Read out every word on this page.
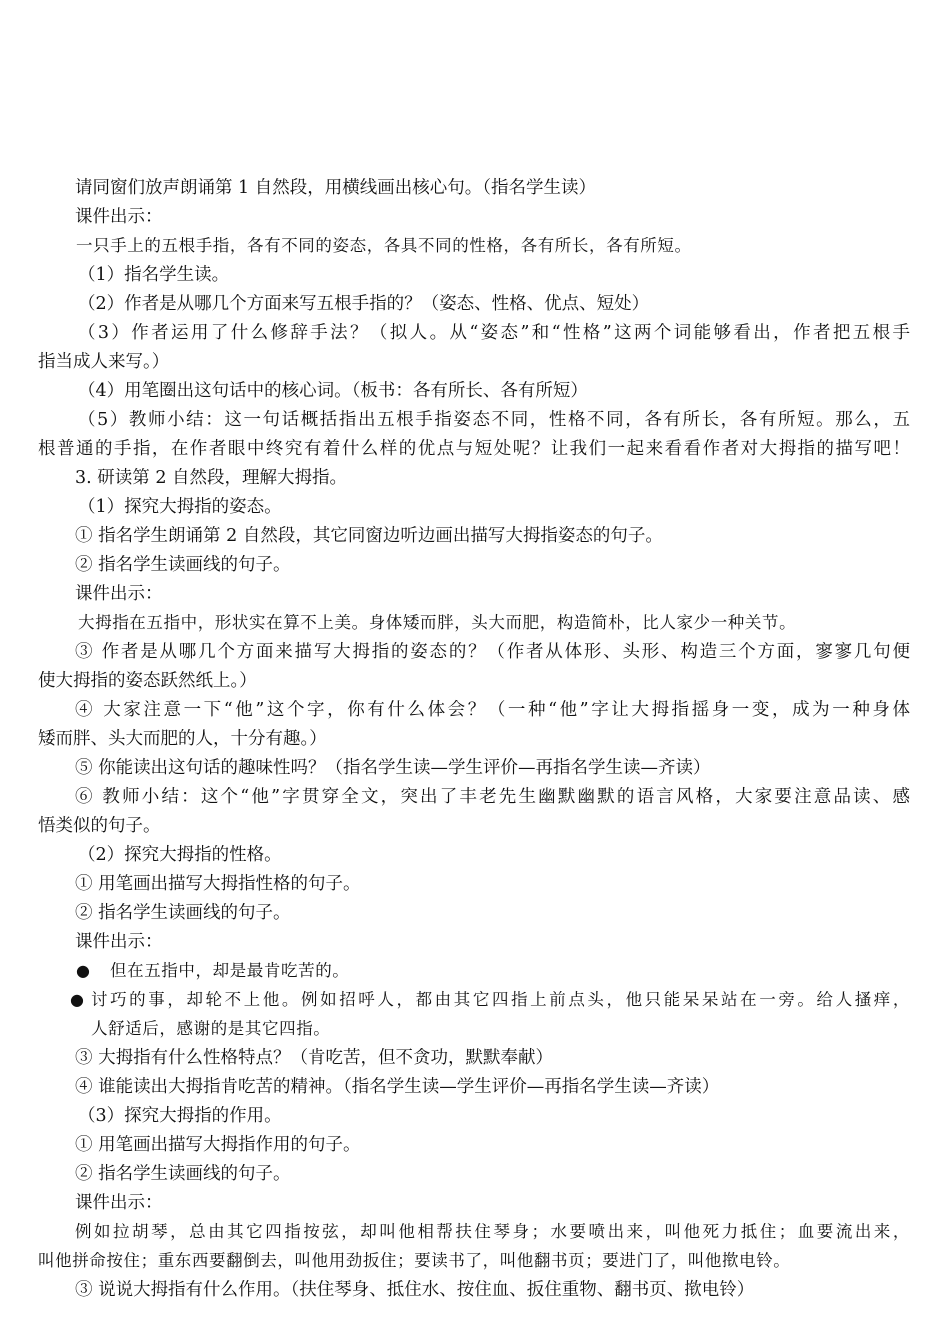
请同窗们放声朗诵第 1 自然段，用横线画出核心句。（指名学生读）
课件出示：
一只手上的五根手指，各有不同的姿态，各具不同的性格，各有所长，各有所短。
（1）指名学生读。
（2）作者是从哪几个方面来写五根手指的？（姿态、性格、优点、短处）
（3）作者运用了什么修辞手法？（拟人。从“姿态”和“性格”这两个词能够看出，作者把五根手
指当成人来写。）
（4）用笔圈出这句话中的核心词。（板书：各有所长、各有所短）
（5）教师小结：这一句话概括指出五根手指姿态不同，性格不同，各有所长，各有所短。那么，五
根普通的手指，在作者眼中终究有着什么样的优点与短处呢？让我们一起来看看作者对大拇指的描写吧！
3. 研读第 2 自然段，理解大拇指。
（1）探究大拇指的姿态。
① 指名学生朗诵第 2 自然段，其它同窗边听边画出描写大拇指姿态的句子。
② 指名学生读画线的句子。
课件出示：
大拇指在五指中，形状实在算不上美。身体矮而胖，头大而肥，构造简朴，比人家少一种关节。
③ 作者是从哪几个方面来描写大拇指的姿态的？（作者从体形、头形、构造三个方面，寥寥几句便
使大拇指的姿态跃然纸上。）
④ 大家注意一下“他”这个字，你有什么体会？（一种“他”字让大拇指摇身一变，成为一种身体
矮而胖、头大而肥的人，十分有趣。）
⑤ 你能读出这句话的趣味性吗？（指名学生读—学生评价—再指名学生读—齐读）
⑥ 教师小结：这个“他”字贯穿全文，突出了丰老先生幽默幽默的语言风格，大家要注意品读、感
悟类似的句子。
（2）探究大拇指的性格。
① 用笔画出描写大拇指性格的句子。
② 指名学生读画线的句子。
课件出示：
● 但在五指中，却是最肯吃苦的。
● 讨巧的事，却轮不上他。例如招呼人，都由其它四指上前点头，他只能呆呆站在一旁。给人搔痒，
人舒适后，感谢的是其它四指。
③ 大拇指有什么性格特点？（肯吃苦，但不贪功，默默奉献）
④ 谁能读出大拇指肯吃苦的精神。（指名学生读—学生评价—再指名学生读—齐读）
（3）探究大拇指的作用。
① 用笔画出描写大拇指作用的句子。
② 指名学生读画线的句子。
课件出示：
例如拉胡琴，总由其它四指按弦，却叫他相帮扶住琴身；水要喷出来，叫他死力抵住；血要流出来，
叫他拼命按住；重东西要翻倒去，叫他用劲扳住；要读书了，叫他翻书页；要进门了，叫他揿电铃。
③ 说说大拇指有什么作用。（扶住琴身、抵住水、按住血、扳住重物、翻书页、揿电铃）
